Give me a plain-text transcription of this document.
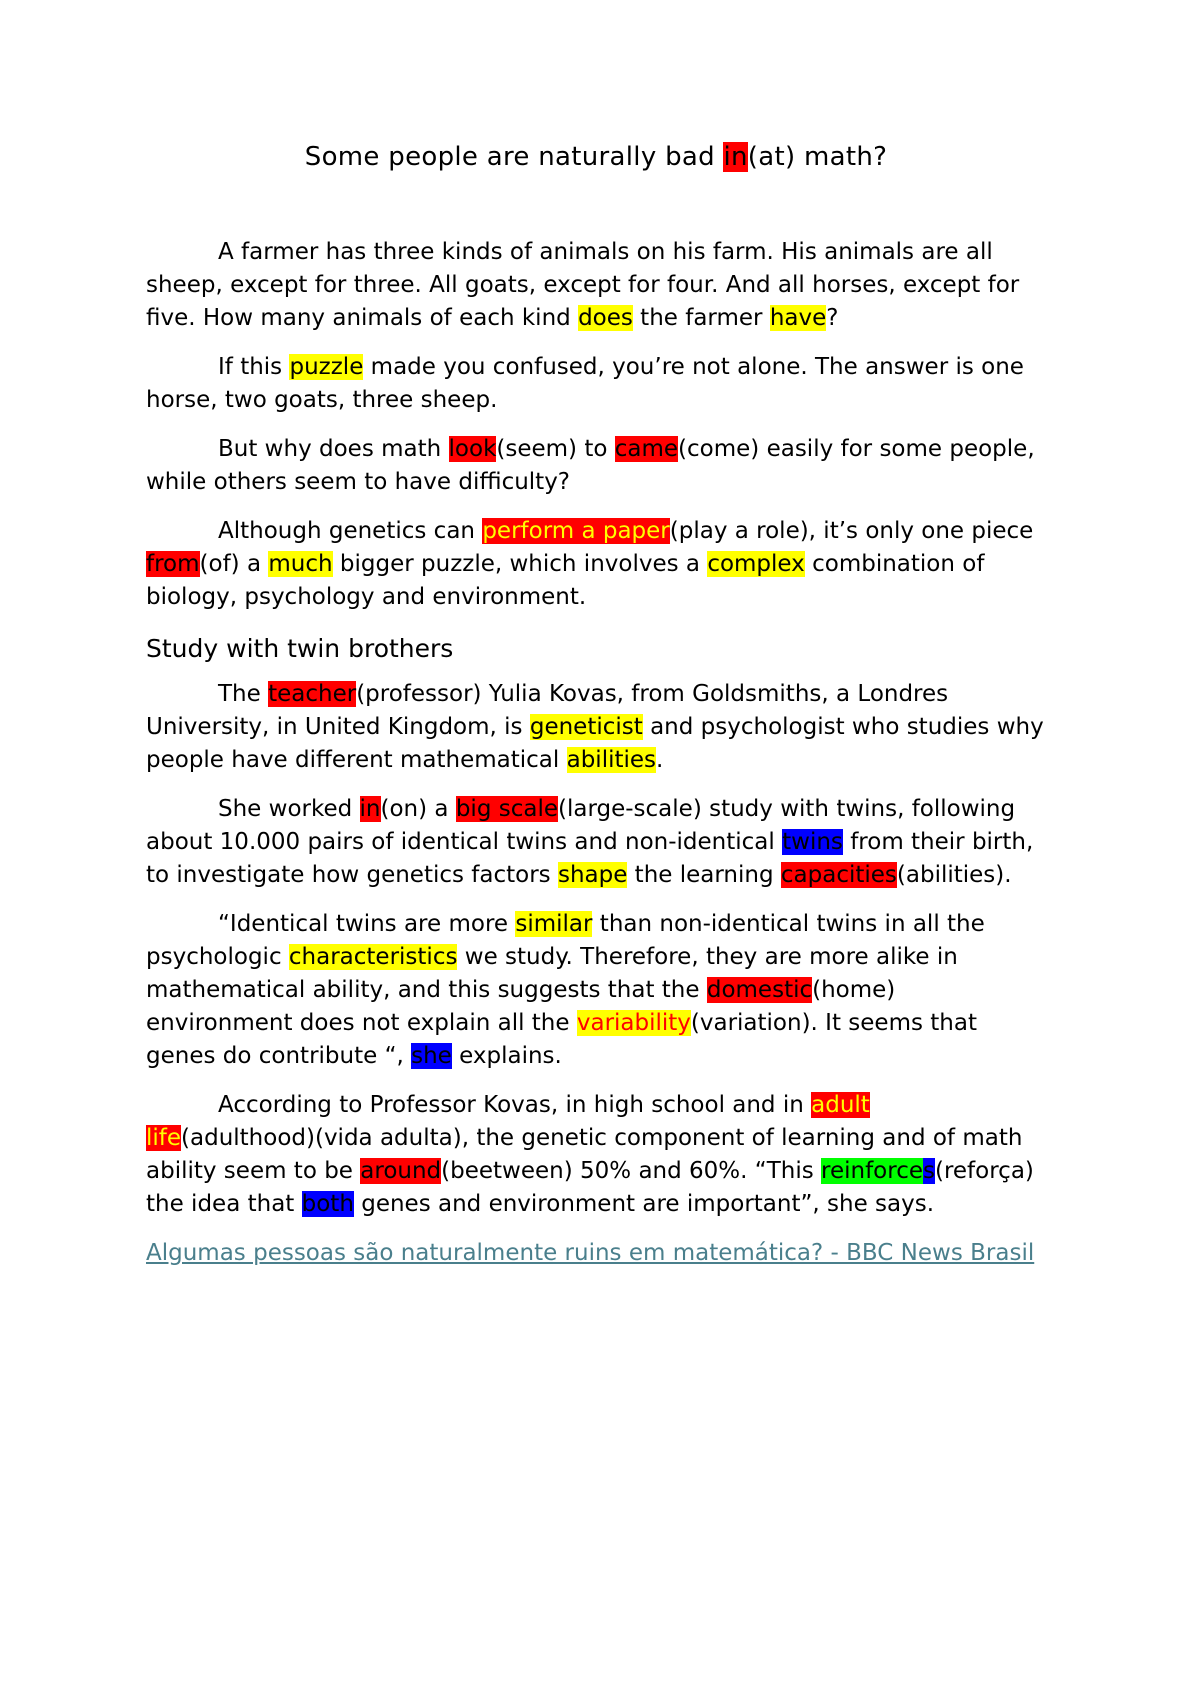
Some people are naturally bad in(at) math?

A farmer has three kinds of animals on his farm. His animals are all sheep, except for three. All goats, except for four. And all horses, except for five. How many animals of each kind does the farmer have?

If this puzzle made you confused, you’re not alone. The answer is one horse, two goats, three sheep.

But why does math look(seem) to came(come) easily for some people, while others seem to have difficulty?

Although genetics can perform a paper(play a role), it’s only one piece from(of) a much bigger puzzle, which involves a complex combination of biology, psychology and environment.

Study with twin brothers

The teacher(professor) Yulia Kovas, from Goldsmiths, a Londres University, in United Kingdom, is geneticist and psychologist who studies why people have different mathematical abilities.

She worked in(on) a big scale(large-scale) study with twins, following about 10.000 pairs of identical twins and non-identical twins from their birth, to investigate how genetics factors shape the learning capacities(abilities).

“Identical twins are more similar than non-identical twins in all the psychologic characteristics we study. Therefore, they are more alike in mathematical ability, and this suggests that the domestic(home) environment does not explain all the variability(variation). It seems that genes do contribute “, she explains.

According to Professor Kovas, in high school and in adult life(adulthood)(vida adulta), the genetic component of learning and of math ability seem to be around(beetween) 50% and 60%. “This reinforces(reforça) the idea that both genes and environment are important”, she says.

Algumas pessoas são naturalmente ruins em matemática? - BBC News Brasil
